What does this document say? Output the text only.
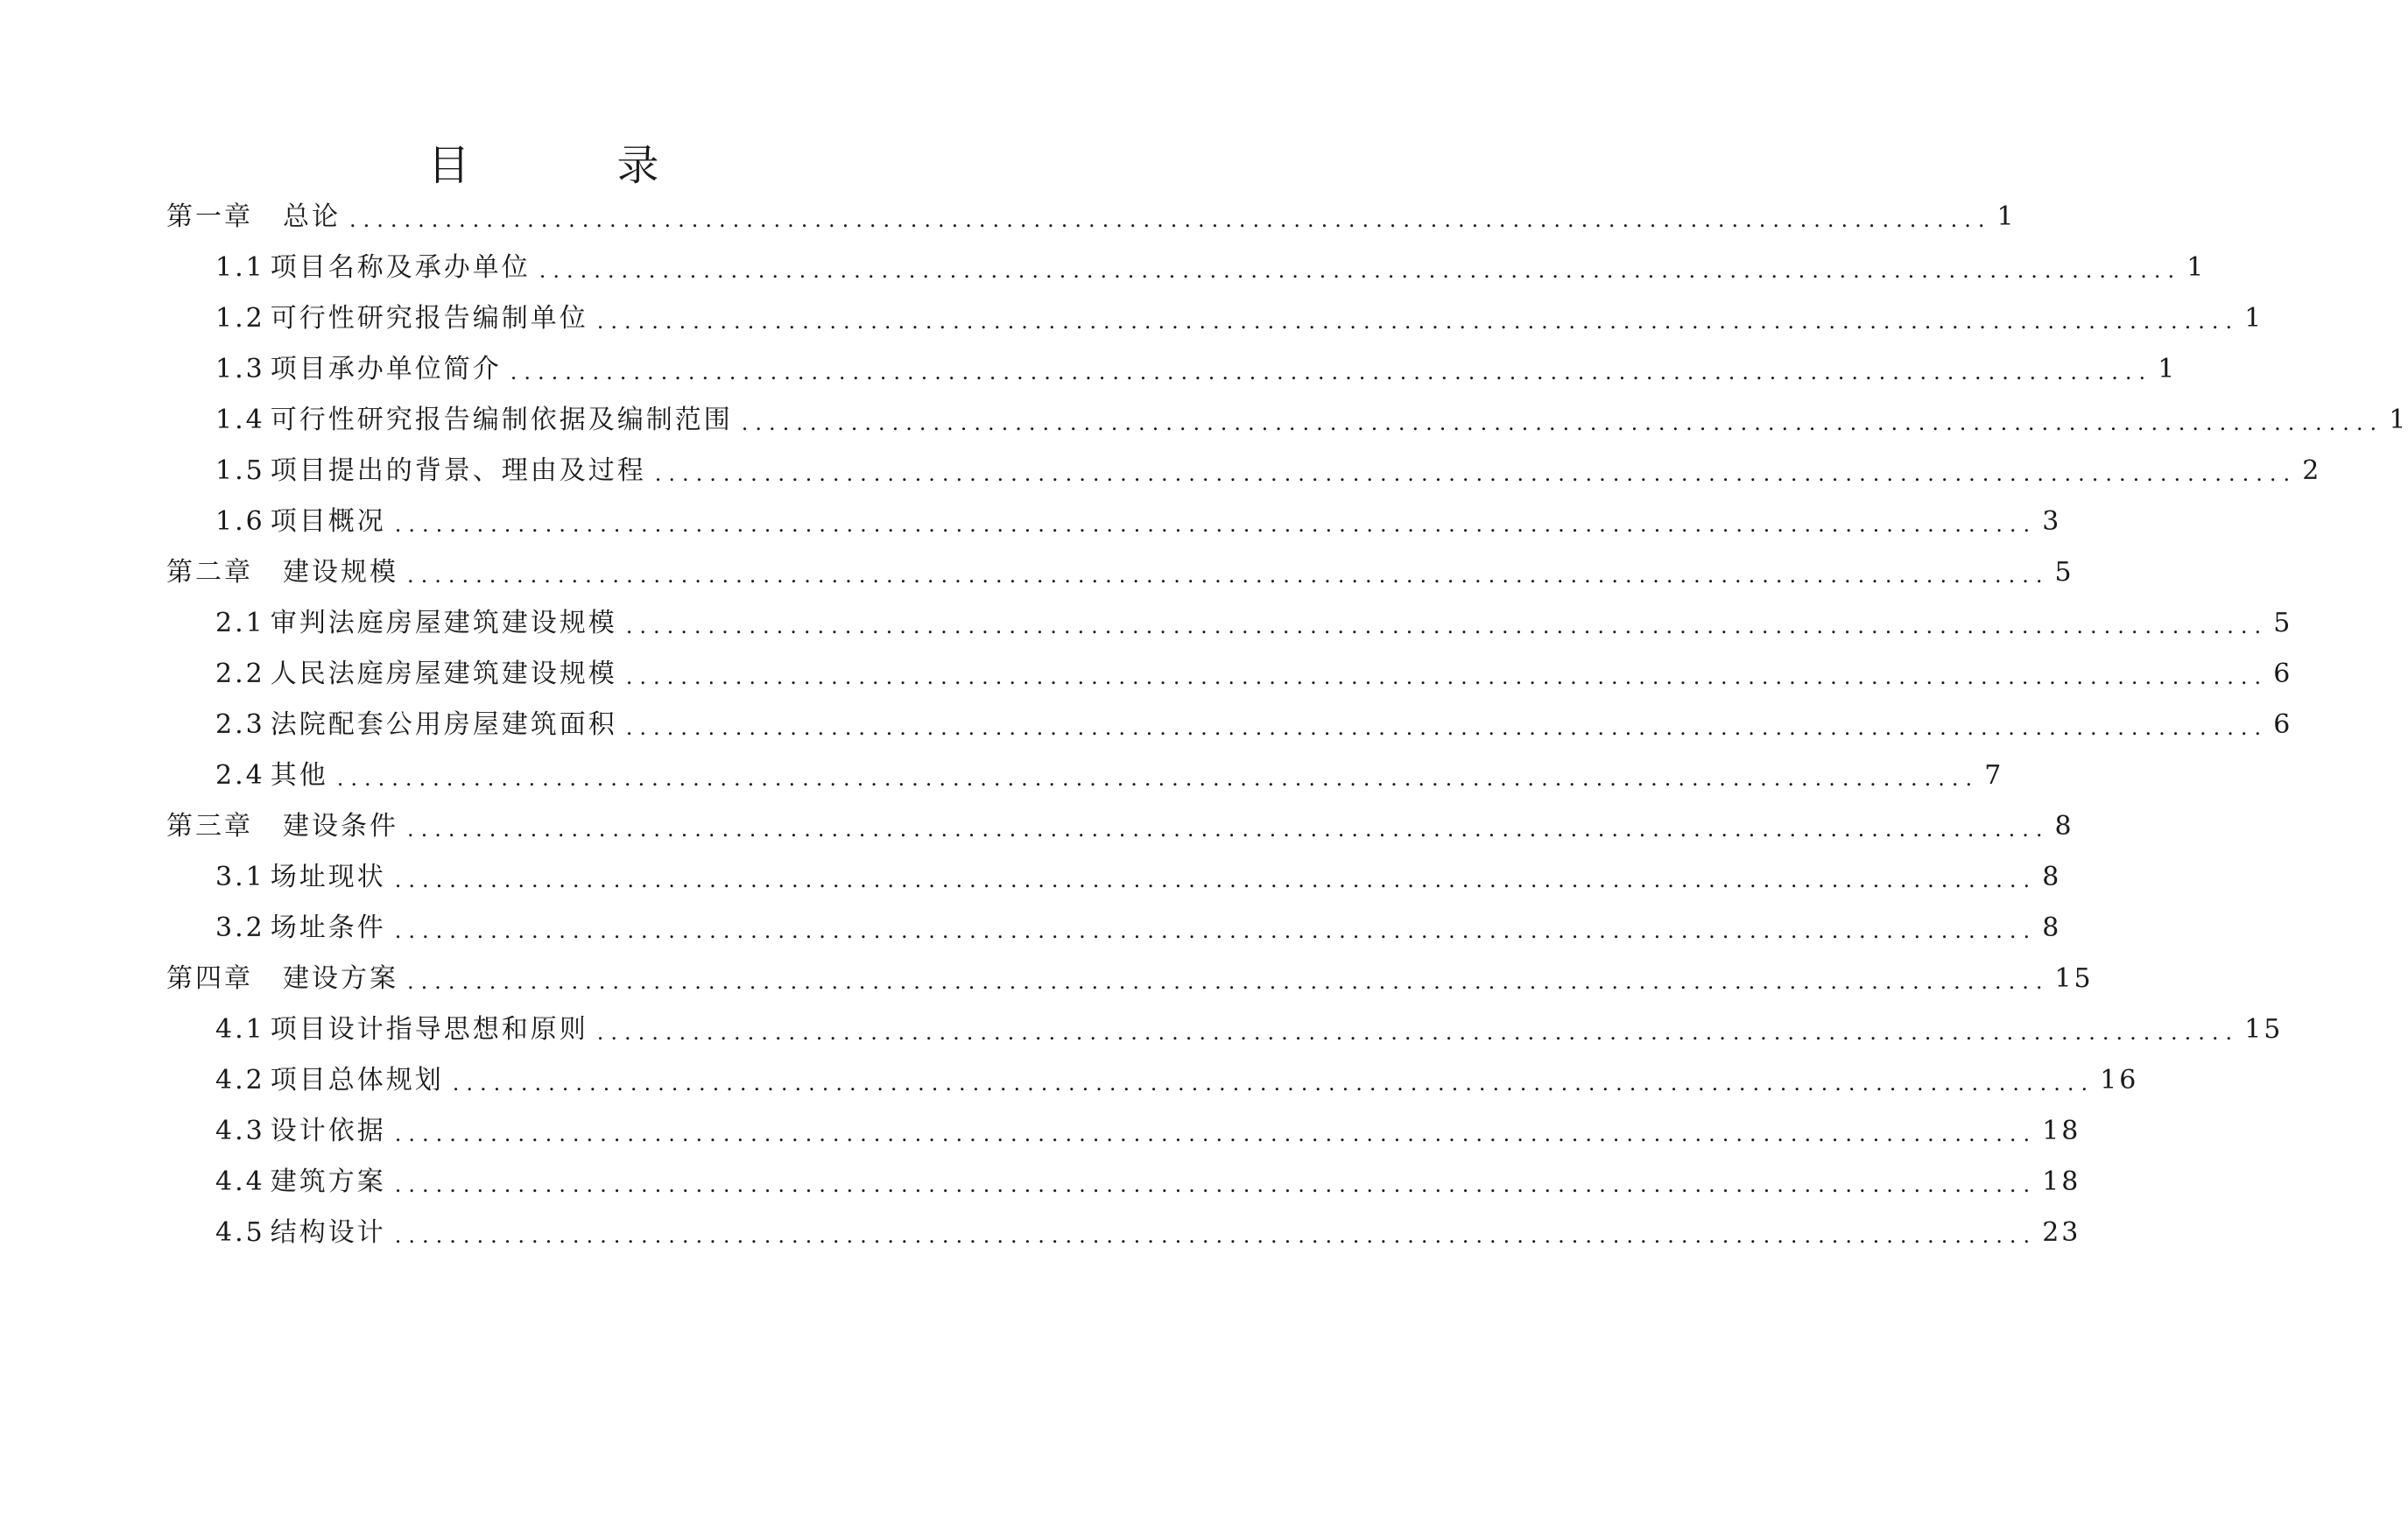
目　录
第一章 总论 ........................................................................................................................ 1
1.1 项目名称及承办单位 ........................................................................................................................ 1
1.2 可行性研究报告编制单位 ........................................................................................................................ 1
1.3 项目承办单位简介 ........................................................................................................................ 1
1.4 可行性研究报告编制依据及编制范围 ........................................................................................................................ 1
1.5 项目提出的背景、理由及过程 ........................................................................................................................ 2
1.6 项目概况 ........................................................................................................................ 3
第二章 建设规模 ........................................................................................................................ 5
2.1 审判法庭房屋建筑建设规模 ........................................................................................................................ 5
2.2 人民法庭房屋建筑建设规模 ........................................................................................................................ 6
2.3 法院配套公用房屋建筑面积 ........................................................................................................................ 6
2.4 其他 ........................................................................................................................ 7
第三章 建设条件 ........................................................................................................................ 8
3.1 场址现状 ........................................................................................................................ 8
3.2 场址条件 ........................................................................................................................ 8
第四章 建设方案 ........................................................................................................................ 15
4.1 项目设计指导思想和原则 ........................................................................................................................ 15
4.2 项目总体规划 ........................................................................................................................ 16
4.3 设计依据 ........................................................................................................................ 18
4.4 建筑方案 ........................................................................................................................ 18
4.5 结构设计 ........................................................................................................................ 23
